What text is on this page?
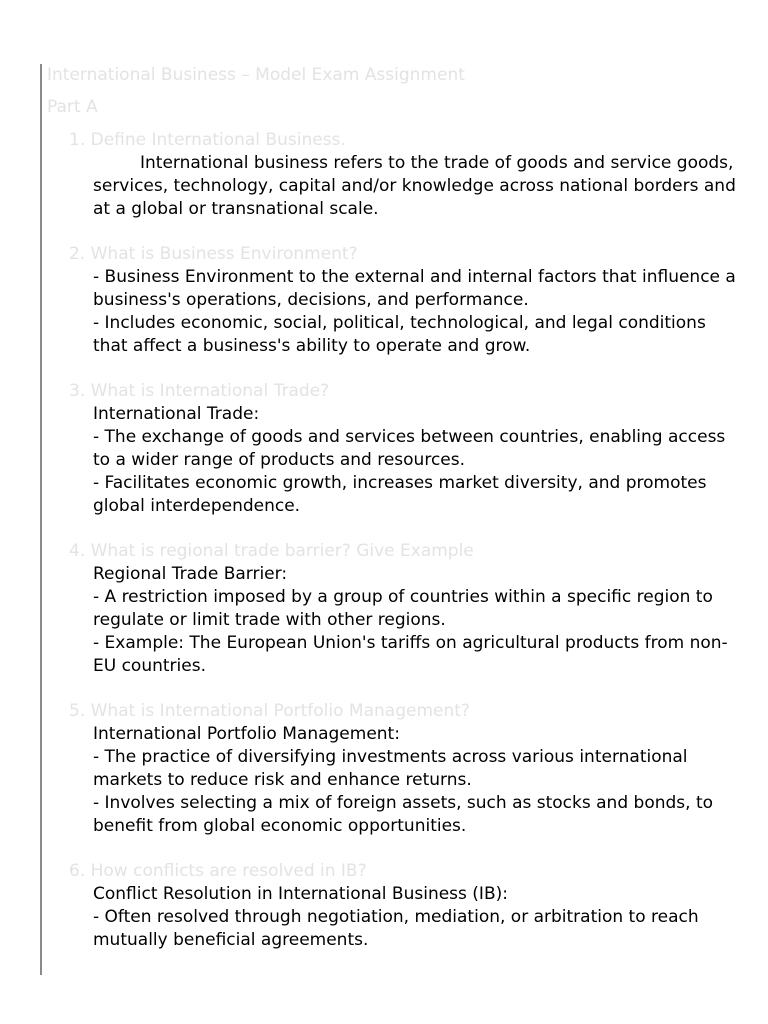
International Business – Model Exam Assignment
Part A
1. Define International Business.

International business refers to the trade of goods and service goods, services, technology, capital and/or knowledge across national borders and at a global or transnational scale.

2. What is Business Environment?

- Business Environment to the external and internal factors that influence a business's operations, decisions, and performance.

- Includes economic, social, political, technological, and legal conditions that affect a business's ability to operate and grow.

3. What is International Trade?

International Trade:

- The exchange of goods and services between countries, enabling access to a wider range of products and resources.

- Facilitates economic growth, increases market diversity, and promotes global interdependence.

4. What is regional trade barrier? Give Example

Regional Trade Barrier:

- A restriction imposed by a group of countries within a specific region to regulate or limit trade with other regions.

- Example: The European Union's tariffs on agricultural products from non-EU countries.

5. What is International Portfolio Management?

International Portfolio Management:

- The practice of diversifying investments across various international markets to reduce risk and enhance returns.

- Involves selecting a mix of foreign assets, such as stocks and bonds, to benefit from global economic opportunities.

6. How conflicts are resolved in IB?

Conflict Resolution in International Business (IB):

- Often resolved through negotiation, mediation, or arbitration to reach mutually beneficial agreements.
